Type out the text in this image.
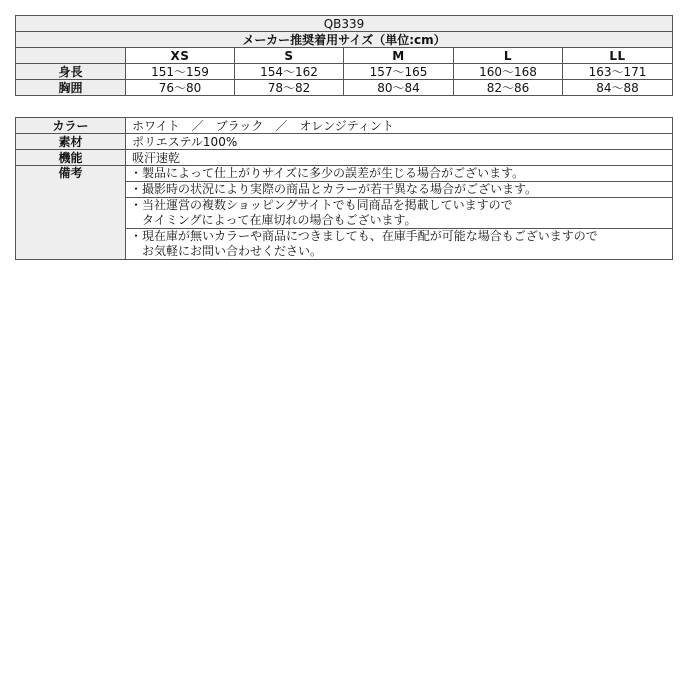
QB339					
メーカー推奨着用サイズ（単位:cm）					
	XS	S	M	L	LL
身長	151～159	154～162	157～165	160～168	163～171
胸囲	76～80	78～82	80～84	82～86	84～88
カラー	ホワイト　／　ブラック　／　オレンジティント
素材	ポリエステル100%
機能	吸汗速乾
備考	・製品によって仕上がりサイズに多少の誤差が生じる場合がございます。

	・撮影時の状況により実際の商品とカラーが若干異なる場合がございます。

	・当社運営の複数ショッピングサイトでも同商品を掲載していますので
　タイミングによって在庫切れの場合もございます。

	・現在庫が無いカラーや商品につきましても、在庫手配が可能な場合もございますので
　お気軽にお問い合わせください。
